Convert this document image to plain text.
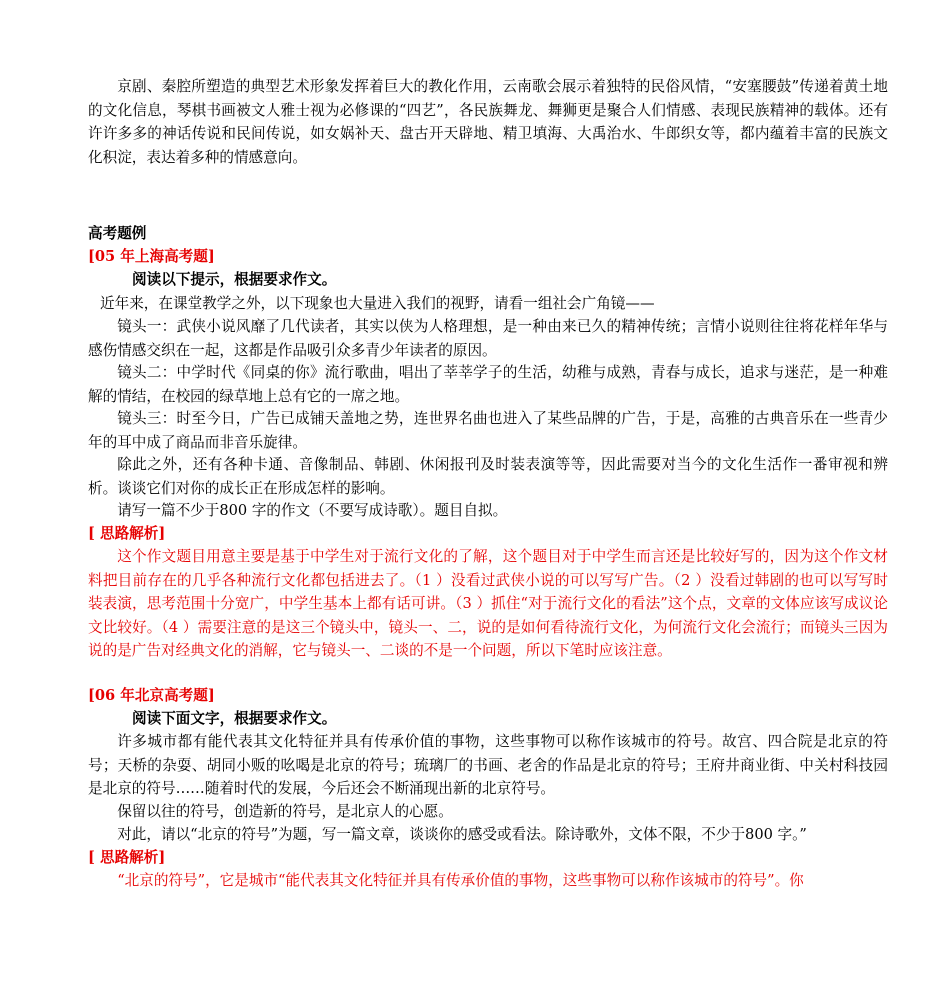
京剧、秦腔所塑造的典型艺术形象发挥着巨大的教化作用，云南歌会展示着独特的民俗风情，“安塞腰鼓”传递着黄土地的文化信息，琴棋书画被文人雅士视为必修课的“四艺”，各民族舞龙、舞狮更是聚合人们情感、表现民族精神的载体。还有许许多多的神话传说和民间传说，如女娲补天、盘古开天辟地、精卫填海、大禹治水、牛郎织女等，都内蕴着丰富的民族文化积淀，表达着多种的情感意向。

高考题例

[05 年上海高考题]

阅读以下提示，根据要求作文。

近年来，在课堂教学之外，以下现象也大量进入我们的视野，请看一组社会广角镜——

镜头一：武侠小说风靡了几代读者，其实以侠为人格理想，是一种由来已久的精神传统；言情小说则往往将花样年华与感伤情感交织在一起，这都是作品吸引众多青少年读者的原因。

镜头二：中学时代《同桌的你》流行歌曲，唱出了莘莘学子的生活，幼稚与成熟，青春与成长，追求与迷茫，是一种难解的情结，在校园的绿草地上总有它的一席之地。

镜头三：时至今日，广告已成铺天盖地之势，连世界名曲也进入了某些品牌的广告，于是，高雅的古典音乐在一些青少年的耳中成了商品而非音乐旋律。

除此之外，还有各种卡通、音像制品、韩剧、休闲报刊及时装表演等等，因此需要对当今的文化生活作一番审视和辨析。谈谈它们对你的成长正在形成怎样的影响。

请写一篇不少于800 字的作文（不要写成诗歌）。题目自拟。

[ 思路解析]

这个作文题目用意主要是基于中学生对于流行文化的了解，这个题目对于中学生而言还是比较好写的，因为这个作文材料把目前存在的几乎各种流行文化都包括进去了。（1 ）没看过武侠小说的可以写写广告。（2 ）没看过韩剧的也可以写写时装表演，思考范围十分宽广，中学生基本上都有话可讲。（3 ）抓住“对于流行文化的看法”这个点，文章的文体应该写成议论文比较好。（4 ）需要注意的是这三个镜头中，镜头一、二，说的是如何看待流行文化，为何流行文化会流行；而镜头三因为说的是广告对经典文化的消解，它与镜头一、二谈的不是一个问题，所以下笔时应该注意。

[06 年北京高考题]

阅读下面文字，根据要求作文。

许多城市都有能代表其文化特征并具有传承价值的事物，这些事物可以称作该城市的符号。故宫、四合院是北京的符号；天桥的杂耍、胡同小贩的吆喝是北京的符号；琉璃厂的书画、老舍的作品是北京的符号；王府井商业街、中关村科技园是北京的符号……随着时代的发展，今后还会不断涌现出新的北京符号。

保留以往的符号，创造新的符号，是北京人的心愿。

对此，请以“北京的符号”为题，写一篇文章，谈谈你的感受或看法。除诗歌外，文体不限，不少于800 字。”

[ 思路解析]

“北京的符号”，它是城市“能代表其文化特征并具有传承价值的事物，这些事物可以称作该城市的符号”。你
